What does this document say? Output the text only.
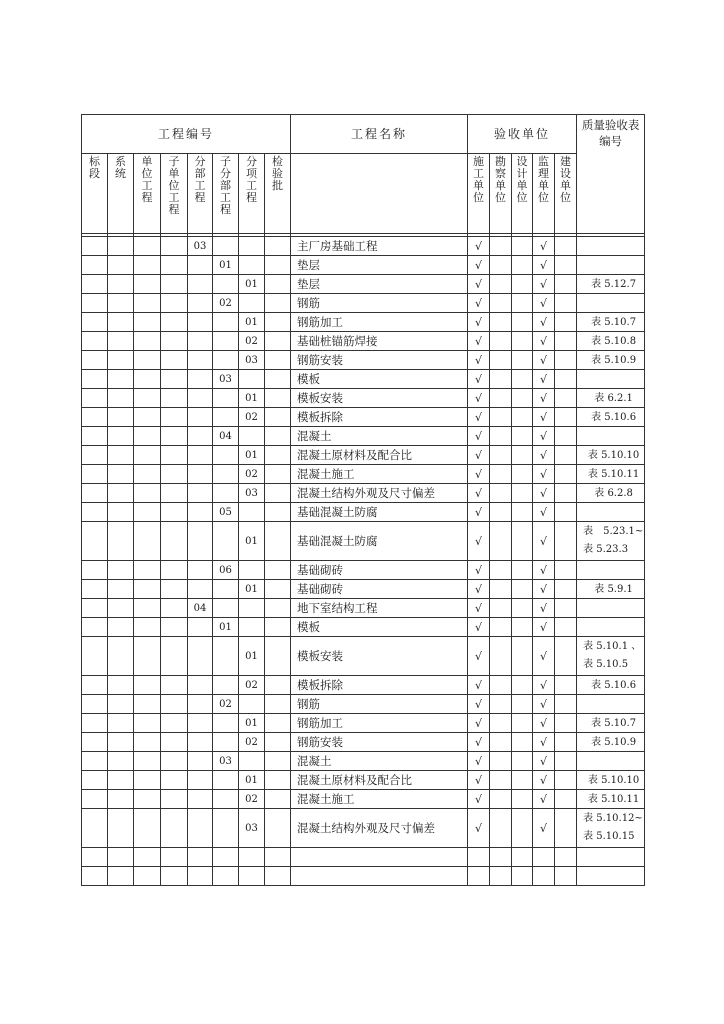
工程编号								工程名称	验收单位					质量验收表编号

标段	系统	单位工程	子单位工程	分部工程	子分部工程	分项工程	检验批		施工单位	勘察单位	设计单位	监理单位	建设单位	

				03				主厂房基础工程	√			√		
					01			垫层	√			√		
						01		垫层	√			√		表 5.12.7
					02			钢筋	√			√		
						01		钢筋加工	√			√		表 5.10.7
						02		基础桩锚筋焊接	√			√		表 5.10.8
						03		钢筋安装	√			√		表 5.10.9
					03			模板	√			√		
						01		模板安装	√			√		表 6.2.1
						02		模板拆除	√			√		表 5.10.6
					04			混凝土	√			√		
						01		混凝土原材料及配合比	√			√		表 5.10.10
						02		混凝土施工	√			√		表 5.10.11
						03		混凝土结构外观及尺寸偏差	√			√		表 6.2.8
					05			基础混凝土防腐	√			√		
						01		基础混凝土防腐	√			√		表　5.23.1~
表 5.23.3

					06			基础砌砖	√			√		
						01		基础砌砖	√			√		表 5.9.1
				04				地下室结构工程	√			√		
					01			模板	√			√		
						01		模板安装	√			√		表 5.10.1 、
表 5.10.5

						02		模板拆除	√			√		表 5.10.6
					02			钢筋	√			√		
						01		钢筋加工	√			√		表 5.10.7
						02		钢筋安装	√			√		表 5.10.9
					03			混凝土	√			√		
						01		混凝土原材料及配合比	√			√		表 5.10.10
						02		混凝土施工	√			√		表 5.10.11
						03		混凝土结构外观及尺寸偏差	√			√		表 5.10.12~
表 5.10.15
